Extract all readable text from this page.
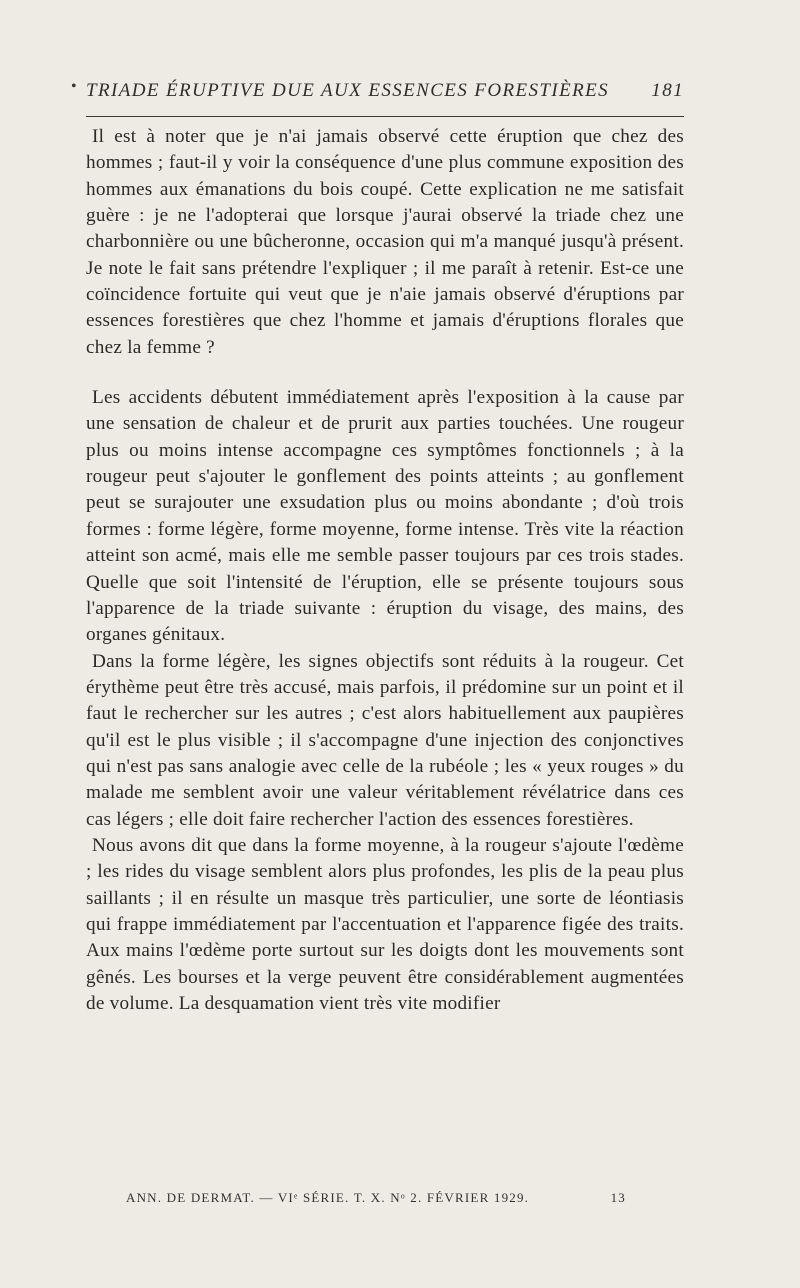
• TRIADE ÉRUPTIVE DUE AUX ESSENCES FORESTIÈRES 181

Il est à noter que je n'ai jamais observé cette éruption que chez des hommes ; faut-il y voir la conséquence d'une plus commune exposition des hommes aux émanations du bois coupé. Cette explication ne me satisfait guère : je ne l'adopterai que lorsque j'aurai observé la triade chez une charbonnière ou une bûcheronne, occasion qui m'a manqué jusqu'à présent. Je note le fait sans prétendre l'expliquer ; il me paraît à retenir. Est-ce une coïncidence fortuite qui veut que je n'aie jamais observé d'éruptions par essences forestières que chez l'homme et jamais d'éruptions florales que chez la femme ?

Les accidents débutent immédiatement après l'exposition à la cause par une sensation de chaleur et de prurit aux parties touchées. Une rougeur plus ou moins intense accompagne ces symptômes fonctionnels ; à la rougeur peut s'ajouter le gonflement des points atteints ; au gonflement peut se surajouter une exsudation plus ou moins abondante ; d'où trois formes : forme légère, forme moyenne, forme intense. Très vite la réaction atteint son acmé, mais elle me semble passer toujours par ces trois stades. Quelle que soit l'intensité de l'éruption, elle se présente toujours sous l'apparence de la triade suivante : éruption du visage, des mains, des organes génitaux.

Dans la forme légère, les signes objectifs sont réduits à la rougeur. Cet érythème peut être très accusé, mais parfois, il prédomine sur un point et il faut le rechercher sur les autres ; c'est alors habituellement aux paupières qu'il est le plus visible ; il s'accompagne d'une injection des conjonctives qui n'est pas sans analogie avec celle de la rubéole ; les « yeux rouges » du malade me semblent avoir une valeur véritablement révélatrice dans ces cas légers ; elle doit faire rechercher l'action des essences forestières.

Nous avons dit que dans la forme moyenne, à la rougeur s'ajoute l'œdème ; les rides du visage semblent alors plus profondes, les plis de la peau plus saillants ; il en résulte un masque très particulier, une sorte de léontiasis qui frappe immédiatement par l'accentuation et l'apparence figée des traits. Aux mains l'œdème porte surtout sur les doigts dont les mouvements sont gênés. Les bourses et la verge peuvent être considérablement augmentées de volume. La desquamation vient très vite modifier

ANN. DE DERMAT. — VIᵉ SÉRIE. T. X. Nᵒ 2. FÉVRIER 1929.	13
